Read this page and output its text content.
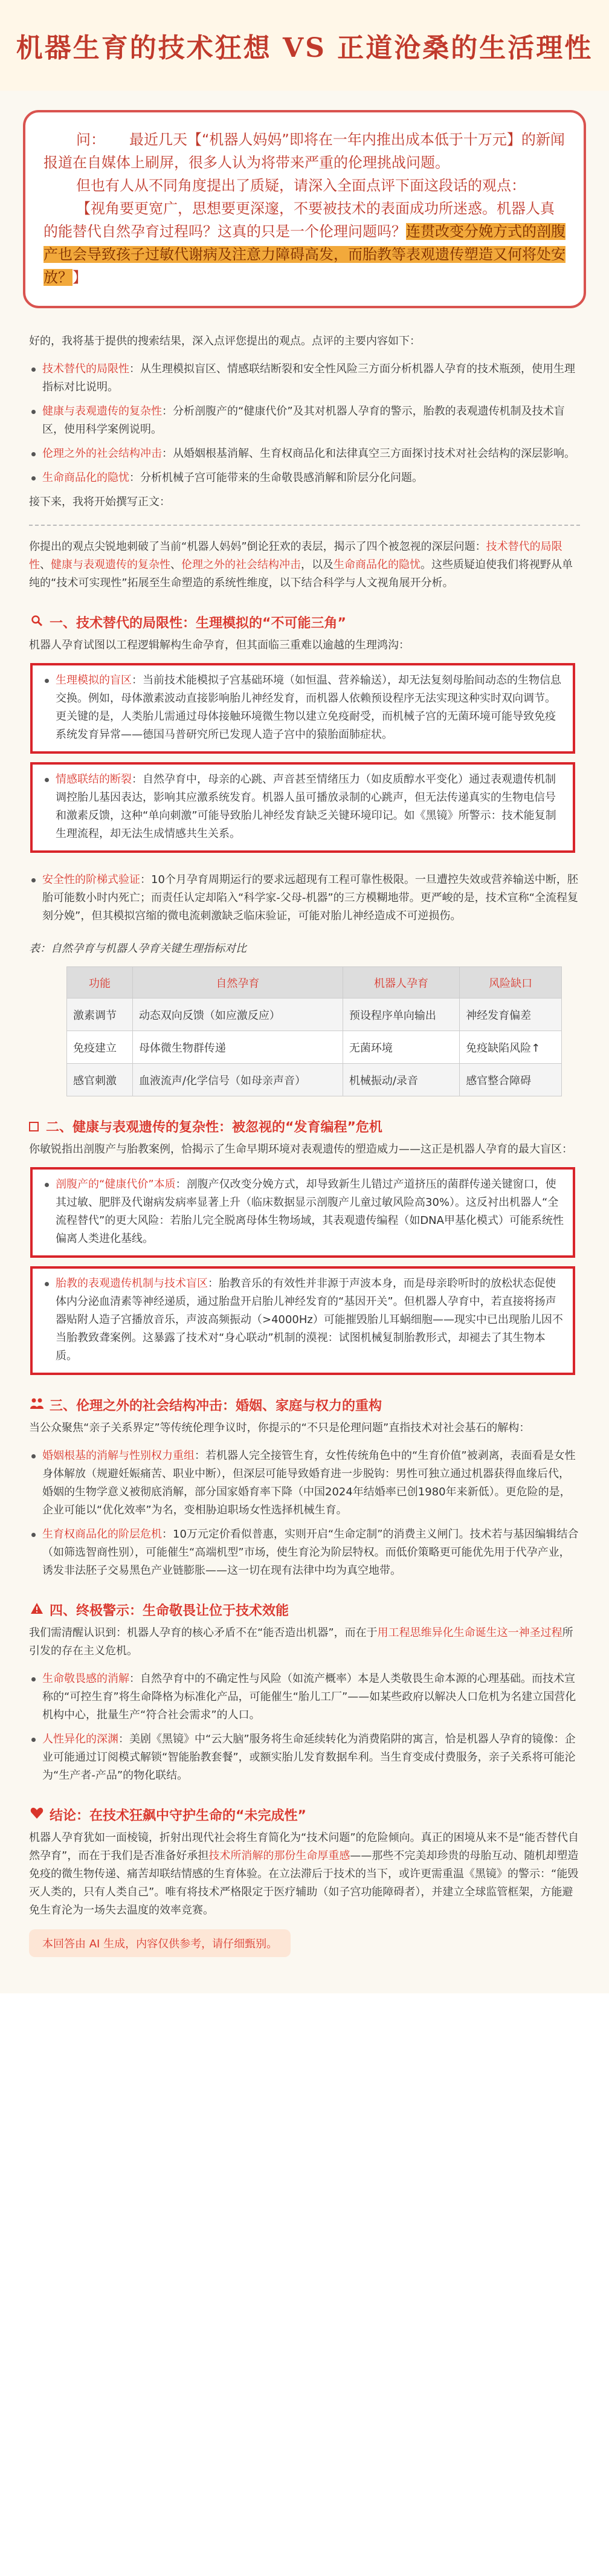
机器生育的技术狂想 VS 正道沧桑的生活理性

问： 最近几天【“机器人妈妈”即将在一年内推出成本低于十万元】的新闻报道在自媒体上刷屏，很多人认为将带来严重的伦理挑战问题。

但也有人从不同角度提出了质疑，请深入全面点评下面这段话的观点：

【视角要更宽广，思想要更深邃，不要被技术的表面成功所迷惑。机器人真的能替代自然孕育过程吗？这真的只是一个伦理问题吗？连贯改变分娩方式的剖腹产也会导致孩子过敏代谢病及注意力障碍高发，而胎教等表观遗传塑造又何将处安放？】

好的，我将基于提供的搜索结果，深入点评您提出的观点。点评的主要内容如下：

技术替代的局限性：从生理模拟盲区、情感联结断裂和安全性风险三方面分析机器人孕育的技术瓶颈，使用生理指标对比说明。
健康与表观遗传的复杂性：分析剖腹产的“健康代价”及其对机器人孕育的警示，胎教的表观遗传机制及技术盲区，使用科学案例说明。
伦理之外的社会结构冲击：从婚姻根基消解、生育权商品化和法律真空三方面探讨技术对社会结构的深层影响。
生命商品化的隐忧：分析机械子宫可能带来的生命敬畏感消解和阶层分化问题。

接下来，我将开始撰写正文：

你提出的观点尖锐地刺破了当前“机器人妈妈”倒论狂欢的表层，揭示了四个被忽视的深层问题：技术替代的局限性、健康与表观遗传的复杂性、伦理之外的社会结构冲击，以及生命商品化的隐忧。这些质疑迫使我们将视野从单纯的“技术可实现性”拓展至生命塑造的系统性维度，以下结合科学与人文视角展开分析。

一、技术替代的局限性：生理模拟的“不可能三角”

机器人孕育试图以工程逻辑解构生命孕育，但其面临三重难以逾越的生理鸿沟：

生理模拟的盲区：当前技术能模拟子宫基础环境（如恒温、营养输送），却无法复刻母胎间动态的生物信息交换。例如，母体激素波动直接影响胎儿神经发育，而机器人依赖预设程序无法实现这种实时双向调节。更关键的是，人类胎儿需通过母体接触环境微生物以建立免疫耐受，而机械子宫的无菌环境可能导致免疫系统发育异常——德国马普研究所已发现人造子宫中的猿胎面肺症状。
情感联结的断裂：自然孕育中，母亲的心跳、声音甚至情绪压力（如皮质醇水平变化）通过表观遗传机制调控胎儿基因表达，影响其应激系统发育。机器人虽可播放录制的心跳声，但无法传递真实的生物电信号和激素反馈，这种“单向刺激”可能导致胎儿神经发育缺乏关键环境印记。如《黑镜》所警示：技术能复制生理流程，却无法生成情感共生关系。
安全性的阶梯式验证：10个月孕育周期运行的要求远超现有工程可靠性极限。一旦遭控失效或营养输送中断，胚胎可能数小时内死亡；而责任认定却陷入“科学家-父母-机器”的三方模糊地带。更严峻的是，技术宣称“全流程复刻分娩”，但其模拟宫缩的微电流刺激缺乏临床验证，可能对胎儿神经造成不可逆损伤。

表：自然孕育与机器人孕育关键生理指标对比

功能	自然孕育	机器人孕育	风险缺口
激素调节	动态双向反馈（如应激反应）	预设程序单向输出	神经发育偏差
免疫建立	母体微生物群传递	无菌环境	免疫缺陷风险↑
感官刺激	血液流声/化学信号（如母亲声音）	机械振动/录音	感官整合障碍
二、健康与表观遗传的复杂性：被忽视的“发育编程”危机

你敏锐指出剖腹产与胎教案例，恰揭示了生命早期环境对表观遗传的塑造威力——这正是机器人孕育的最大盲区：

剖腹产的“健康代价”本质：剖腹产仅改变分娩方式，却导致新生儿错过产道挤压的菌群传递关键窗口，使其过敏、肥胖及代谢病发病率显著上升（临床数据显示剖腹产儿童过敏风险高30%）。这反衬出机器人“全流程替代”的更大风险：若胎儿完全脱离母体生物场域，其表观遗传编程（如DNA甲基化模式）可能系统性偏离人类进化基线。
胎教的表观遗传机制与技术盲区：胎教音乐的有效性并非源于声波本身，而是母亲聆听时的放松状态促使体内分泌血清素等神经递质，通过胎盘开启胎儿神经发育的“基因开关”。但机器人孕育中，若直接将扬声器贴附人造子宫播放音乐，声波高频振动（>4000Hz）可能摧毁胎儿耳蜗细胞——现实中已出现胎儿因不当胎教致聋案例。这暴露了技术对“身心联动”机制的漠视：试图机械复制胎教形式，却褪去了其生物本质。
三、伦理之外的社会结构冲击：婚姻、家庭与权力的重构

当公众聚焦“亲子关系界定”等传统伦理争议时，你提示的“不只是伦理问题”直指技术对社会基石的解构：

婚姻根基的消解与性别权力重组：若机器人完全接管生育，女性传统角色中的“生育价值”被剥离，表面看是女性身体解放（规避妊娠痛苦、职业中断），但深层可能导致婚育进一步脱钩：男性可独立通过机器获得血缘后代，婚姻的生物学意义被彻底消解，部分国家婚育率下降（中国2024年结婚率已创1980年来新低）。更危险的是，企业可能以“优化效率”为名，变相胁迫职场女性选择机械生育。
生育权商品化的阶层危机：10万元定价看似普惠，实则开启“生命定制”的消费主义闸门。技术若与基因编辑结合（如筛选智商性别），可能催生“高端机型”市场，使生育沦为阶层特权。而低价策略更可能优先用于代孕产业，诱发非法胚子交易黑色产业链膨胀——这一切在现有法律中均为真空地带。
四、终极警示：生命敬畏让位于技术效能

我们需清醒认识到：机器人孕育的核心矛盾不在“能否造出机器”，而在于用工程思维异化生命诞生这一神圣过程所引发的存在主义危机。

生命敬畏感的消解：自然孕育中的不确定性与风险（如流产概率）本是人类敬畏生命本源的心理基础。而技术宣称的“可控生育”将生命降格为标准化产品，可能催生“胎儿工厂”——如某些政府以解决人口危机为名建立国营化机构中心，批量生产“符合社会需求”的人口。
人性异化的深渊：美剧《黑镜》中“云大脑”服务将生命延续转化为消费陷阱的寓言，恰是机器人孕育的镜像：企业可能通过订阅模式解锁“智能胎教套餐”，或额实胎儿发育数据牟利。当生育变成付费服务，亲子关系将可能沦为“生产者-产品”的物化联结。
结论：在技术狂飙中守护生命的“未完成性”

机器人孕育犹如一面棱镜，折射出现代社会将生育简化为“技术问题”的危险倾向。真正的困境从来不是“能否替代自然孕育”，而在于我们是否准备好承担技术所消解的那份生命厚重感——那些不完美却珍贵的母胎互动、随机却塑造免疫的微生物传递、痛苦却联结情感的生育体验。在立法滞后于技术的当下，或许更需重温《黑镜》的警示：“能毁灭人类的，只有人类自己”。唯有将技术严格限定于医疗辅助（如子宫功能障碍者），并建立全球监管框架，方能避免生育沦为一场失去温度的效率竞赛。

本回答由 AI 生成，内容仅供参考，请仔细甄别。
